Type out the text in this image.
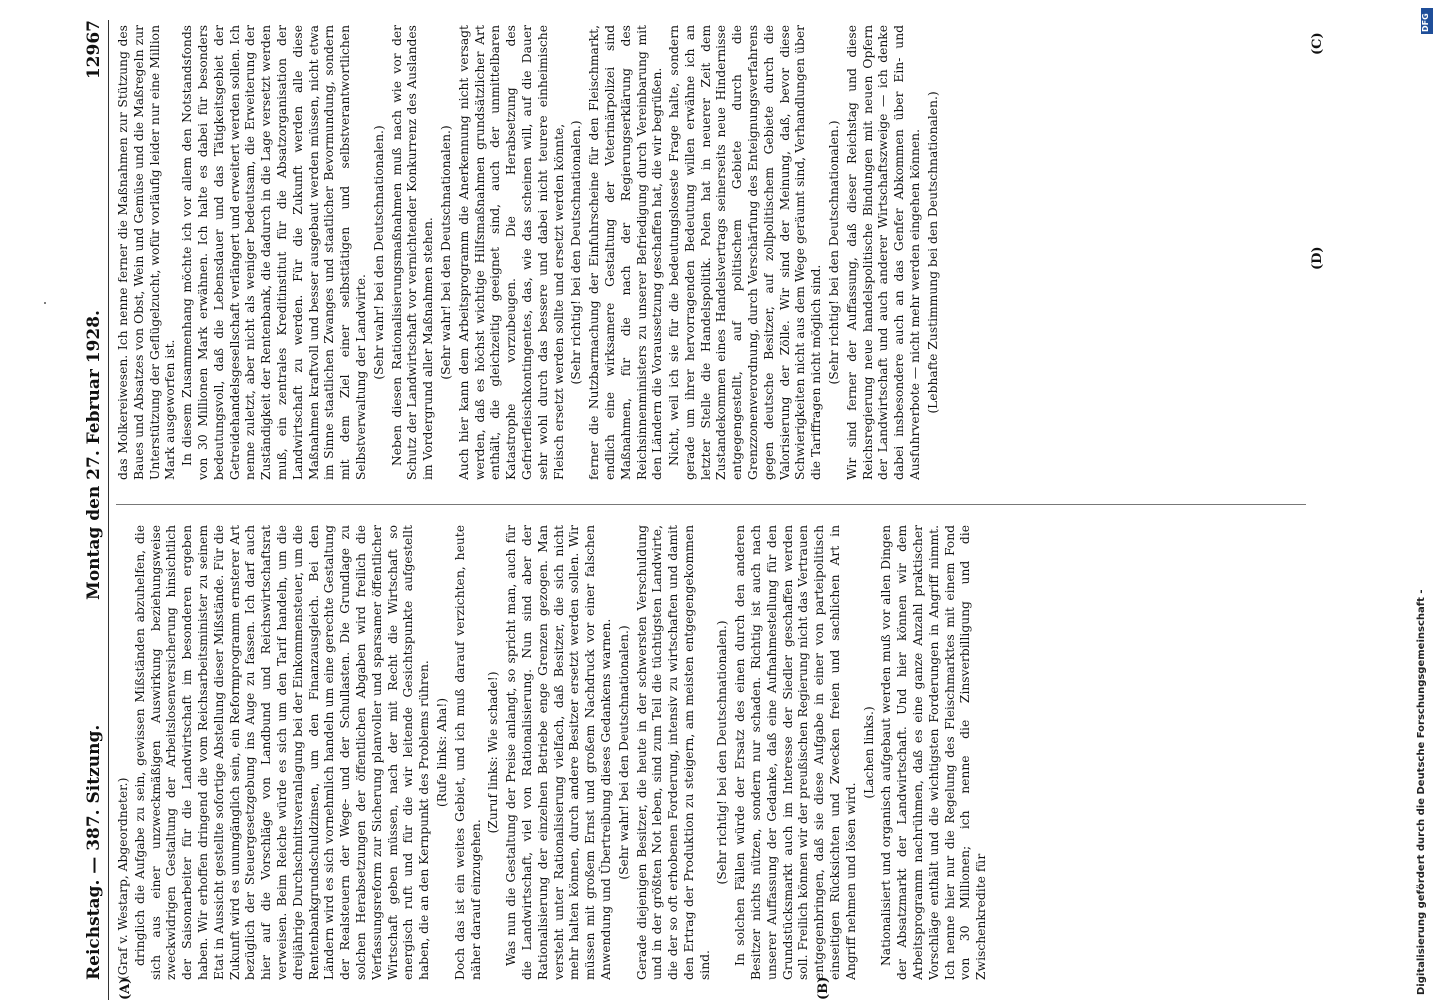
Reichstag. — 387. Sitzung.
Montag den 27. Februar 1928.
12967

(Graf v. Westarp, Abgeordneter.) dringlich die Aufgabe zu sein, gewissen Mißständen abzuhelfen, die sich aus einer unzweckmäßigen Auswirkung beziehungsweise zweckwidrigen Gestaltung der Arbeitslosenversicherung hinsichtlich der Saisonarbeiter für die Landwirtschaft im besonderen ergeben haben. Wir erhoffen dringend die vom Reichsarbeitsminister zu seinem Etat in Aussicht gestellte sofortige Abstellung dieser Mißstände. Für die Zukunft wird es unumgänglich sein, ein Reformprogramm ernsterer Art bezüglich der Steuergesetzgebung ins Auge zu fassen. Ich darf auch hier auf die Vorschläge von Landbund und Reichswirtschaftsrat verweisen. Beim Reiche würde es sich um den Tarif handeln, um die dreijährige Durchschnittsveranlagung bei der Einkommensteuer, um die Rentenbankgrundschuldzinsen, um den Finanzausgleich. Bei den Ländern wird es sich vornehmlich handeln um eine gerechte Gestaltung der Realsteuern der Wege- und der Schullasten. Die Grundlage zu solchen Herabsetzungen der öffentlichen Abgaben wird freilich die Verfassungsreform zur Sicherung planvoller und sparsamer öffentlicher Wirtschaft geben müssen, nach der mit Recht die Wirtschaft so energisch ruft und für die wir leitende Gesichtspunkte aufgestellt haben, die an den Kernpunkt des Problems rühren. (Rufe links: Aha!) Doch das ist ein weites Gebiet, und ich muß darauf verzichten, heute näher darauf einzugehen.

(Zuruf links: Wie schade!) Was nun die Gestaltung der Preise anlangt, so spricht man, auch für die Landwirtschaft, viel von Rationalisierung. Nun sind aber der Rationalisierung der einzelnen Betriebe enge Grenzen gezogen. Man versteht unter Rationalisierung vielfach, daß Besitzer, die sich nicht mehr halten können, durch andere Besitzer ersetzt werden sollen. Wir müssen mit großem Ernst und großem Nachdruck vor einer falschen Anwendung und Übertreibung dieses Gedankens warnen. (Sehr wahr! bei den Deutschnationalen.) Gerade diejenigen Besitzer, die heute in der schwersten Verschuldung und in der größten Not leben, sind zum Teil die tüchtigsten Landwirte, die der so oft erhobenen Forderung, intensiv zu wirtschaften und damit den Ertrag der Produktion zu steigern, am meisten entgegengekommen sind.

(Sehr richtig! bei den Deutschnationalen.) In solchen Fällen würde der Ersatz des einen durch den anderen Besitzer nichts nützen, sondern nur schaden. Richtig ist auch nach unserer Auffassung der Gedanke, daß eine Aufnahmestellung für den Grundstücksmarkt auch im Interesse der Siedler geschaffen werden soll. Freilich können wir der preußischen Regierung nicht das Vertrauen entgegenbringen, daß sie diese Aufgabe in einer von parteipolitisch einseitigen Rücksichten und Zwecken freien und sachlichen Art in Angriff nehmen und lösen wird.

(Lachen links.) Nationalisiert und organisch aufgebaut werden muß vor allen Dingen der Absatzmarkt der Landwirtschaft. Und hier können wir dem Arbeitsprogramm nachrühmen, daß es eine ganze Anzahl praktischer Vorschläge enthält und die wichtigsten Forderungen in Angriff nimmt. Ich nenne hier nur die Regelung des Fleischmarktes mit einem Fond von 30 Millionen; ich nenne die Zinsverbilligung und die Zwischenkredite für

das Molkereiwesen. Ich nenne ferner die Maßnahmen zur Stützung des Baues und Absatzes von Obst, Wein und Gemüse und die Maßregeln zur Unterstützung der Geflügelzucht, wofür vorläufig leider nur eine Million Mark ausgeworfen ist. In diesem Zusammenhang möchte ich vor allem den Notstandsfonds von 30 Millionen Mark erwähnen. Ich halte es dabei für besonders bedeutungsvoll, daß die Lebensdauer und das Tätigkeitsgebiet der Getreidehandelsgesellschaft verlängert und erweitert werden sollen. Ich nenne zuletzt, aber nicht als weniger bedeutsam, die Erweiterung der Zuständigkeit der Rentenbank, die dadurch in die Lage versetzt werden muß, ein zentrales Kreditinstitut für die Absatzorganisation der Landwirtschaft zu werden. Für die Zukunft werden alle diese Maßnahmen kraftvoll und besser ausgebaut werden müssen, nicht etwa im Sinne staatlichen Zwanges und staatlicher Bevormundung, sondern mit dem Ziel einer selbsttätigen und selbstverantwortlichen Selbstverwaltung der Landwirte. (Sehr wahr! bei den Deutschnationalen.) Neben diesen Rationalisierungsmaßnahmen muß nach wie vor der Schutz der Landwirtschaft vor vernichtender Konkurrenz des Auslandes im Vordergrund aller Maßnahmen stehen. (Sehr wahr! bei den Deutschnationalen.) Auch hier kann dem Arbeitsprogramm die Anerkennung nicht versagt werden, daß es höchst wichtige Hilfsmaßnahmen grundsätzlicher Art enthält, die gleichzeitig geeignet sind, auch der unmittelbaren Katastrophe vorzubeugen. Die Herabsetzung des Gefrierfleischkontingentes, das, wie das scheinen will, auf die Dauer sehr wohl durch das bessere und dabei nicht teurere einheimische Fleisch ersetzt werden sollte und ersetzt werden könnte, (Sehr richtig! bei den Deutschnationalen.) ferner die Nutzbarmachung der Einfuhrscheine für den Fleischmarkt, endlich eine wirksamere Gestaltung der Veterinärpolizei sind Maßnahmen, für die nach der Regierungserklärung des Reichsinnenministers zu unserer Befriedigung durch Vereinbarung mit den Ländern die Voraussetzung geschaffen hat, die wir begrüßen. Nicht, weil ich sie für die bedeutungsloseste Frage halte, sondern gerade um ihrer hervorragenden Bedeutung willen erwähne ich an letzter Stelle die Handelspolitik. Polen hat in neuerer Zeit dem Zustandekommen eines Handelsvertrags seinerseits neue Hindernisse entgegengestellt, auf politischem Gebiete durch die Grenzzonenverordnung, durch Verschärfung des Enteignungsverfahrens gegen deutsche Besitzer, auf zollpolitischem Gebiete durch die Valorisierung der Zölle. Wir sind der Meinung, daß, bevor diese Schwierigkeiten nicht aus dem Wege geräumt sind, Verhandlungen über die Tariffragen nicht möglich sind. (Sehr richtig! bei den Deutschnationalen.) Wir sind ferner der Auffassung, daß dieser Reichstag und diese Reichsregierung neue handelspolitische Bindungen mit neuen Opfern der Landwirtschaft und auch anderer Wirtschaftszweige — ich denke dabei insbesondere auch an das Genfer Abkommen über Ein- und Ausfuhrverbote — nicht mehr werden eingehen können. (Lebhafte Zustimmung bei den Deutschnationalen.)

(A)	(B)
(C)
(D)
Digitalisierung gefördert durch die Deutsche Forschungsgemeinschaft -
DFG
